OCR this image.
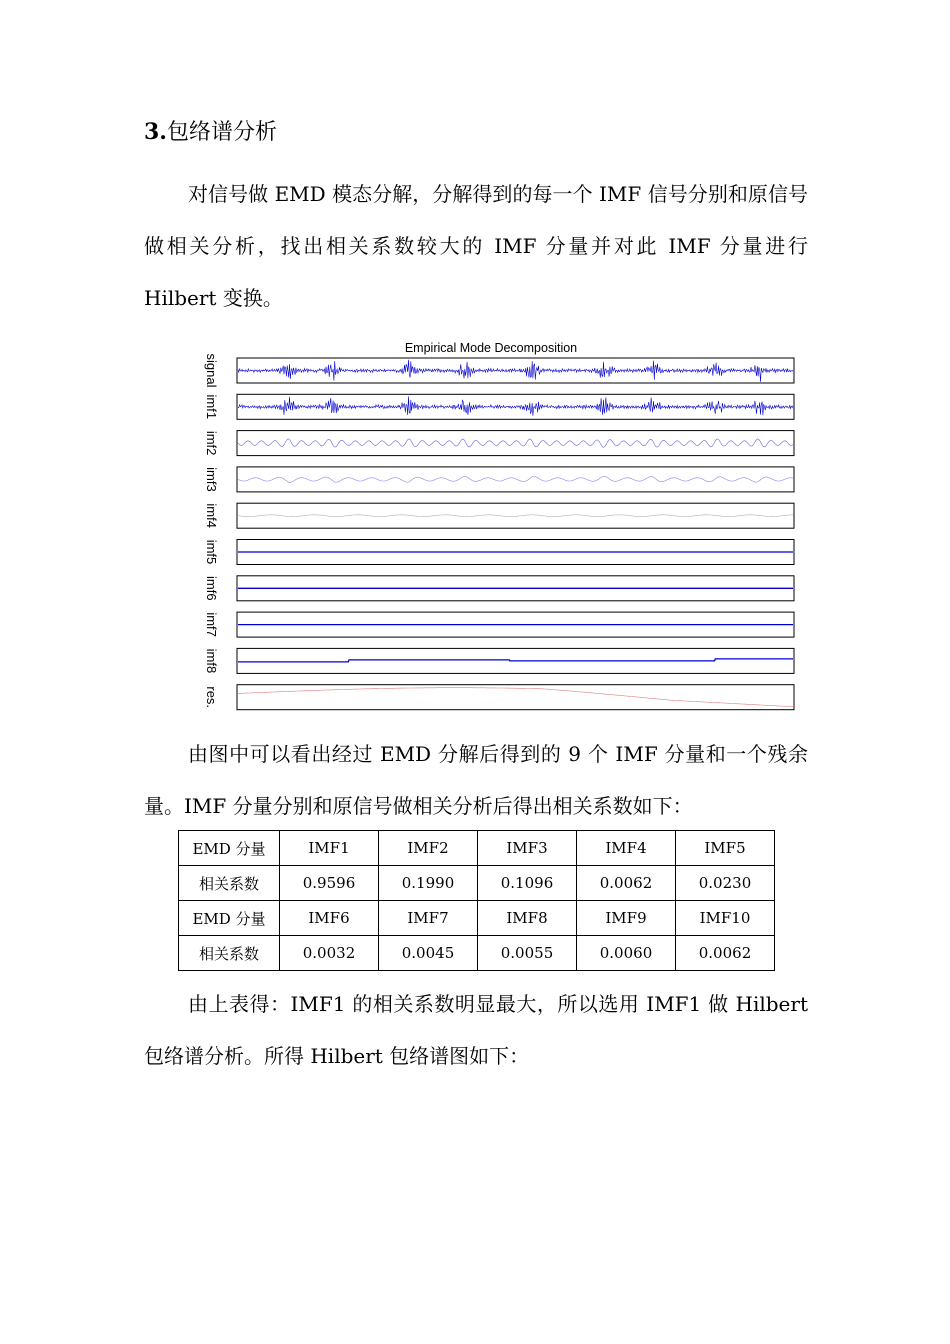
3.包络谱分析

对信号做 EMD 模态分解，分解得到的每一个 IMF 信号分别和原信号做相关分析，找出相关系数较大的 IMF 分量并对此 IMF 分量进行 Hilbert 变换。

Empirical Mode Decomposition
signal
imf1
imf2
imf3
imf4
imf5
imf6
imf7
imf8
res.

由图中可以看出经过 EMD 分解后得到的 9 个 IMF 分量和一个残余量。IMF 分量分别和原信号做相关分析后得出相关系数如下：

EMD 分量	IMF1	IMF2	IMF3	IMF4	IMF5
相关系数	0.9596	0.1990	0.1096	0.0062	0.0230
EMD 分量	IMF6	IMF7	IMF8	IMF9	IMF10
相关系数	0.0032	0.0045	0.0055	0.0060	0.0062

由上表得：IMF1 的相关系数明显最大，所以选用 IMF1 做 Hilbert 包络谱分析。所得 Hilbert 包络谱图如下：
